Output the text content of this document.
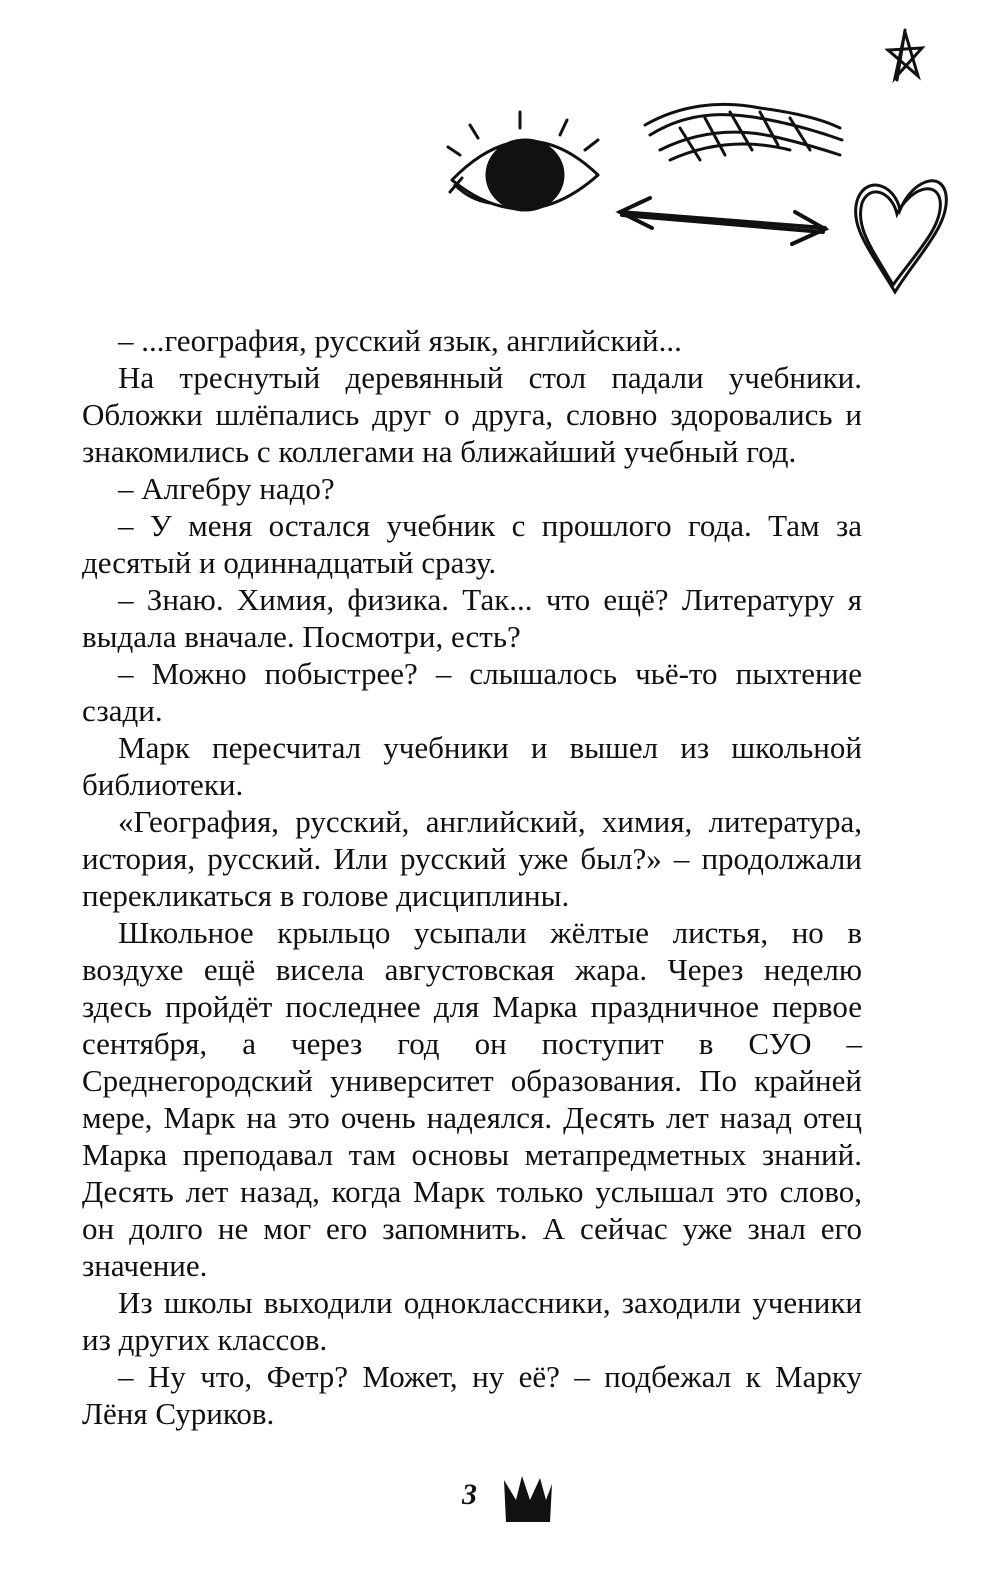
– ...география, русский язык, английский...

На треснутый деревянный стол падали учебники. Обложки шлёпались друг о друга, словно здоровались и знакомились с коллегами на ближайший учебный год.

– Алгебру надо?

– У меня остался учебник с прошлого года. Там за десятый и одиннадцатый сразу.

– Знаю. Химия, физика. Так... что ещё? Литературу я выдала вначале. Посмотри, есть?

– Можно побыстрее? – слышалось чьё-то пыхтение сзади.

Марк пересчитал учебники и вышел из школьной библиотеки.

«География, русский, английский, химия, литература, история, русский. Или русский уже был?» – продолжали перекликаться в голове дисциплины.

Школьное крыльцо усыпали жёлтые листья, но в воздухе ещё висела августовская жара. Через неделю здесь пройдёт последнее для Марка праздничное первое сентября, а через год он поступит в СУО – Среднегородский университет образования. По крайней мере, Марк на это очень надеялся. Десять лет назад отец Марка преподавал там основы метапредметных знаний. Десять лет назад, когда Марк только услышал это слово, он долго не мог его запомнить. А сейчас уже знал его значение.

Из школы выходили одноклассники, заходили ученики из других классов.

– Ну что, Фетр? Может, ну её? – подбежал к Марку Лёня Суриков.

3
